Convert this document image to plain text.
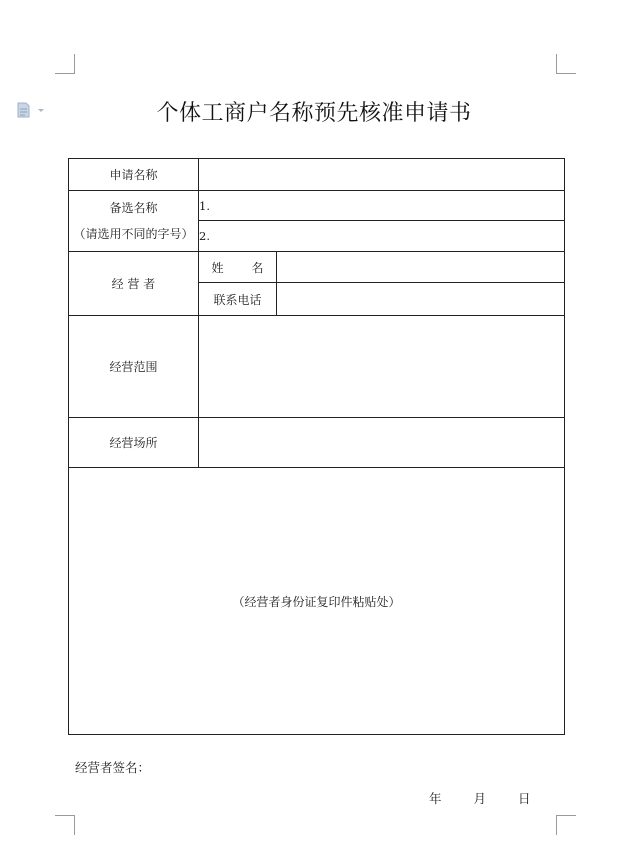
个体工商户名称预先核准申请书
申请名称		

备选名称
（请选用不同的字号）	1.	
	2.	
经 营 者	姓 名	
	联系电话	
经营范围		
经营场所		
（经营者身份证复印件粘贴处）		
经营者签名：
年	月	日
